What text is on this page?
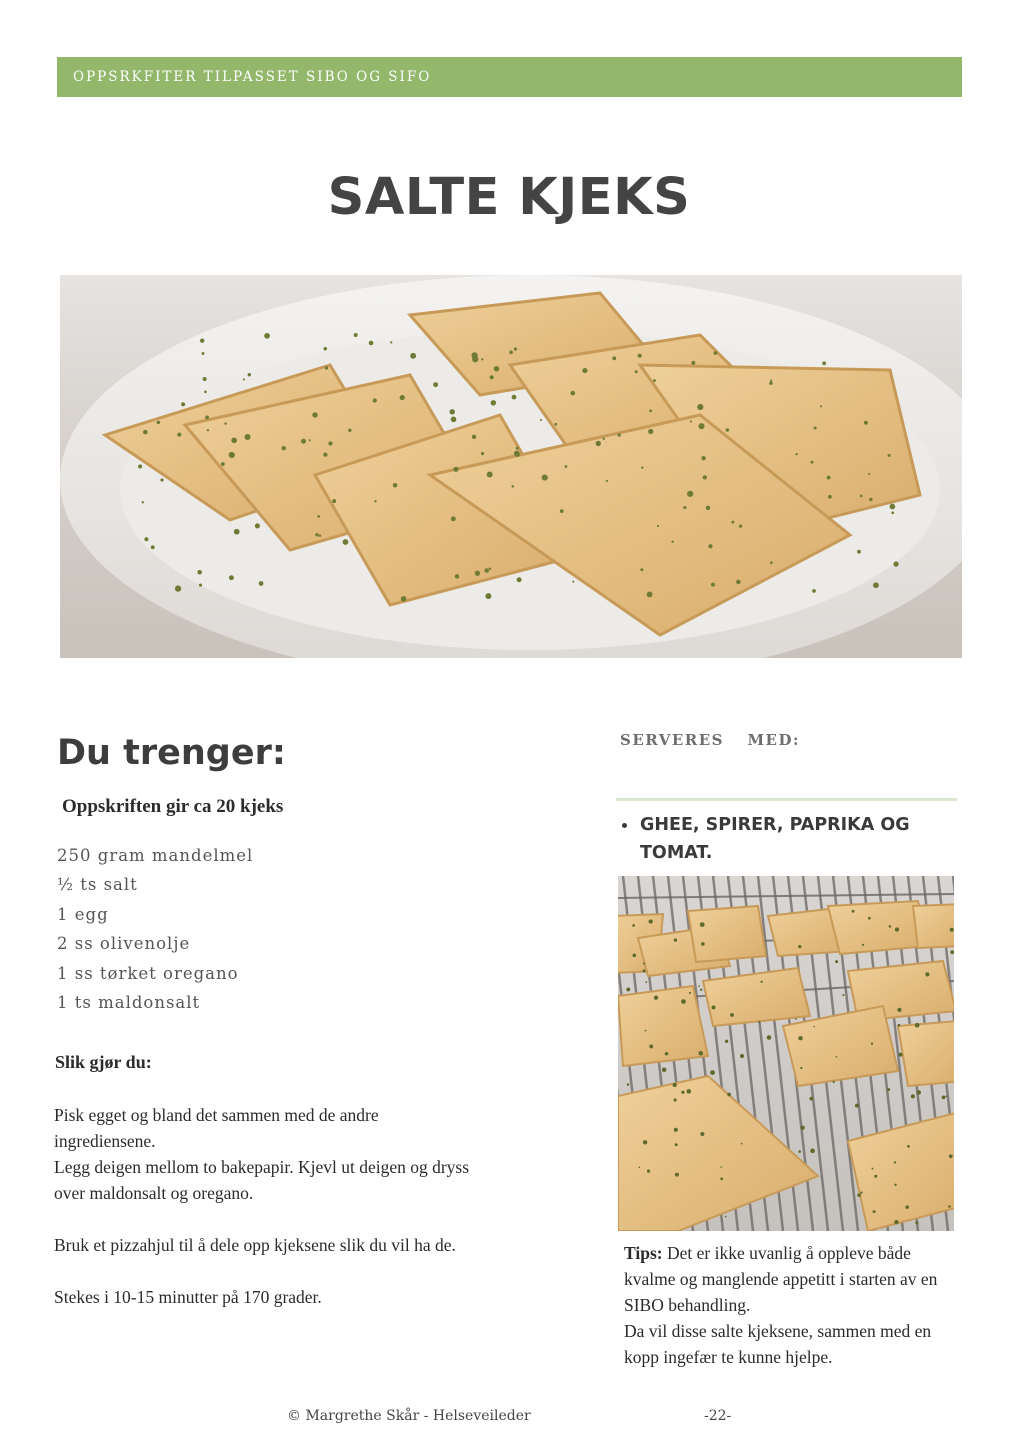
OPPSRKFITER TILPASSET SIBO OG SIFO
SALTE KJEKS
Du trenger:
Oppskriften gir ca 20 kjeks
250 gram mandelmel
½ ts salt
1 egg
2 ss olivenolje
1 ss tørket oregano
1 ts maldonsalt
Slik gjør du:

Pisk egget og bland det sammen med de andre ingrediensene.
Legg deigen mellom to bakepapir. Kjevl ut deigen og dryss over maldonsalt og oregano.

Bruk et pizzahjul til å dele opp kjeksene slik du vil ha de.

Stekes i 10-15 minutter på 170 grader.

SERVERES  MED:
GHEE, SPIRER, PAPRIKA OG TOMAT.
Tips: Det er ikke uvanlig å oppleve både kvalme og manglende appetitt i starten av en SIBO behandling.
Da vil disse salte kjeksene, sammen med en kopp ingefær te kunne hjelpe.
© Margrethe Skår - Helseveileder	-22-
